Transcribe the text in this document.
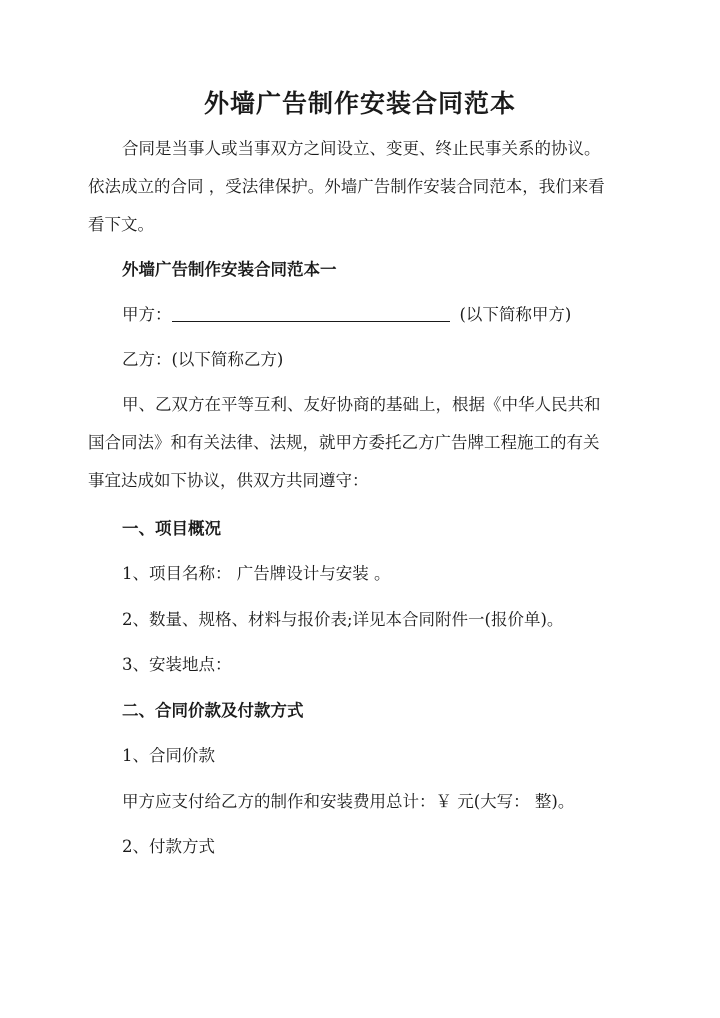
外墙广告制作安装合同范本
合同是当事人或当事双方之间设立、变更、终止民事关系的协议。
依法成立的合同 ，受法律保护。外墙广告制作安装合同范本，我们来看
看下文。
外墙广告制作安装合同范本一
甲方：	(以下简称甲方)
乙方：(以下简称乙方)
甲、乙双方在平等互利、友好协商的基础上，根据《中华人民共和
国合同法》和有关法律、法规，就甲方委托乙方广告牌工程施工的有关
事宜达成如下协议，供双方共同遵守：
一、项目概况
1、项目名称： 广告牌设计与安装 。
2、数量、规格、材料与报价表;详见本合同附件一(报价单)。
3、安装地点：
二、合同价款及付款方式
1、合同价款
甲方应支付给乙方的制作和安装费用总计：￥ 元(大写： 整)。
2、付款方式
